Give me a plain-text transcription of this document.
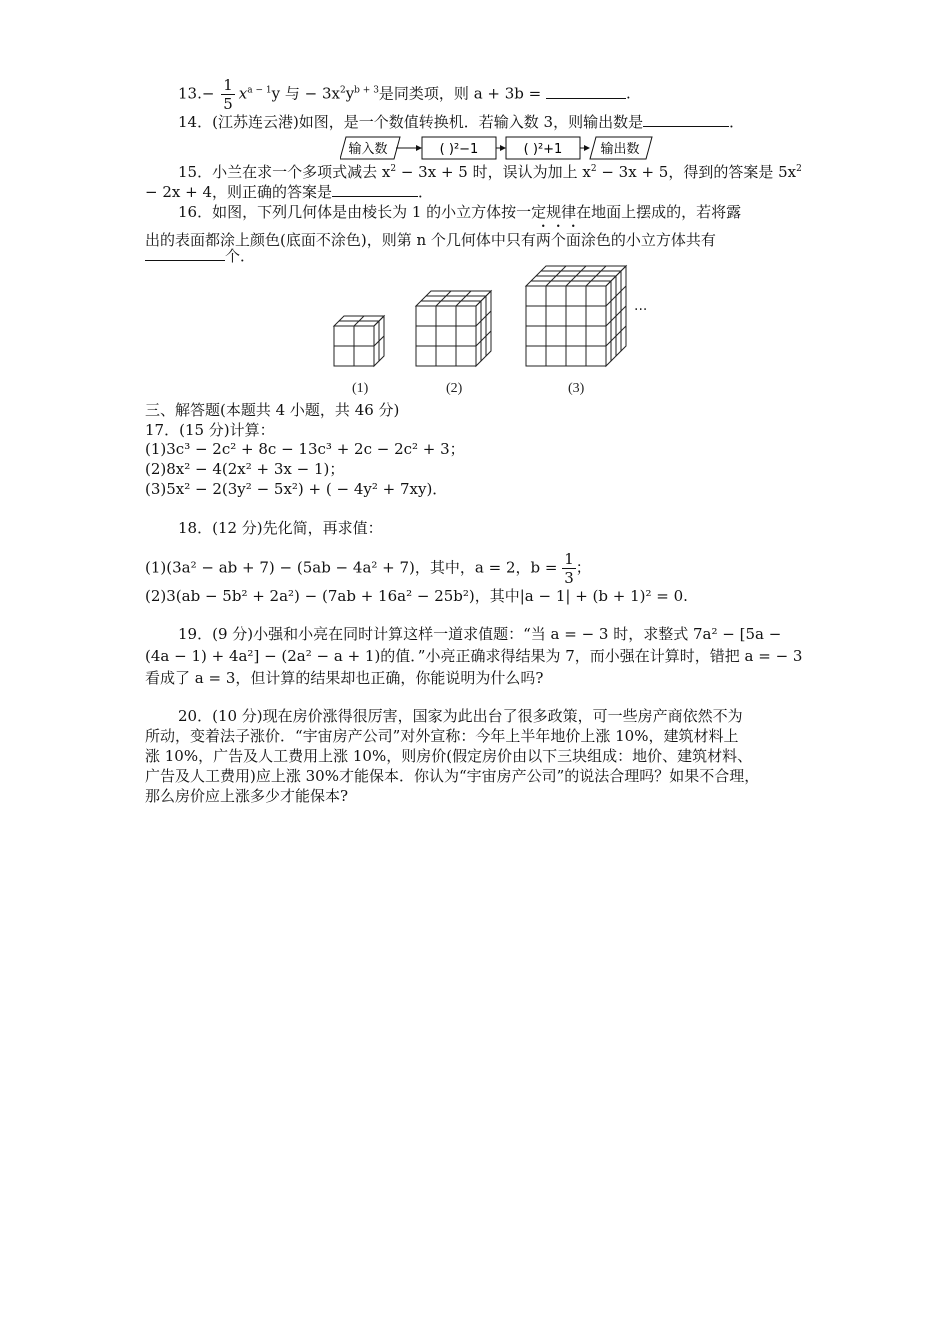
$13.- \frac{1}{5} x^{a - 1}y$ 与 − $3x^2y^{b + 3}$是同类项，则 a + 3b =	.
14．(江苏连云港)如图，是一个数值转换机．若输入数 3，则输出数是	．
输入数	( )²−1	( )²+1	输出数
15．小兰在求一个多项式减去 $x^2 - 3x + 5$ 时，误认为加上 $x^2 - 3x + 5$，得到的答案是 $5x^2$
− 2x + 4，则正确的答案是	．
16．如图，下列几何体是由棱长为 1 的小立方体按一定规律在地面上摆成的，若将露
出的表面都涂上颜色(底面不涂色)，则第 n 个几何体中只有两个面涂色的小立方体共有
个．
···
(1)	(2)	(3)
三、解答题(本题共 4 小题，共 46 分)
17．(15 分)计算：
(1)3c³ − 2c² + 8c − 13c³ + 2c − 2c² + 3；
(2)8x² − 4(2x² + 3x − 1)；
(3)5x² − 2(3y² − 5x²) + ( − 4y² + 7xy)．
18．(12 分)先化简，再求值：
(1)(3a² − ab + 7) − (5ab − 4a² + 7)，其中，a = 2，$b = \frac{1}{3}$ ；
(2)3(ab − 5b² + 2a²) − (7ab + 16a² − 25b²)，其中|a − 1| + (b + 1)² = 0.
19．(9 分)小强和小亮在同时计算这样一道求值题：“当 a = − 3 时，求整式 7a² − [5a −
(4a − 1) + 4a²] − (2a² − a + 1)的值．”小亮正确求得结果为 7，而小强在计算时，错把 a = − 3
看成了 a = 3，但计算的结果却也正确，你能说明为什么吗?
20．(10 分)现在房价涨得很厉害，国家为此出台了很多政策，可一些房产商依然不为
所动，变着法子涨价．“宇宙房产公司”对外宣称：今年上半年地价上涨 10%，建筑材料上
涨 10%，广告及人工费用上涨 10%，则房价(假定房价由以下三块组成：地价、建筑材料、
广告及人工费用)应上涨 30%才能保本．你认为“宇宙房产公司”的说法合理吗？如果不合理，
那么房价应上涨多少才能保本?
